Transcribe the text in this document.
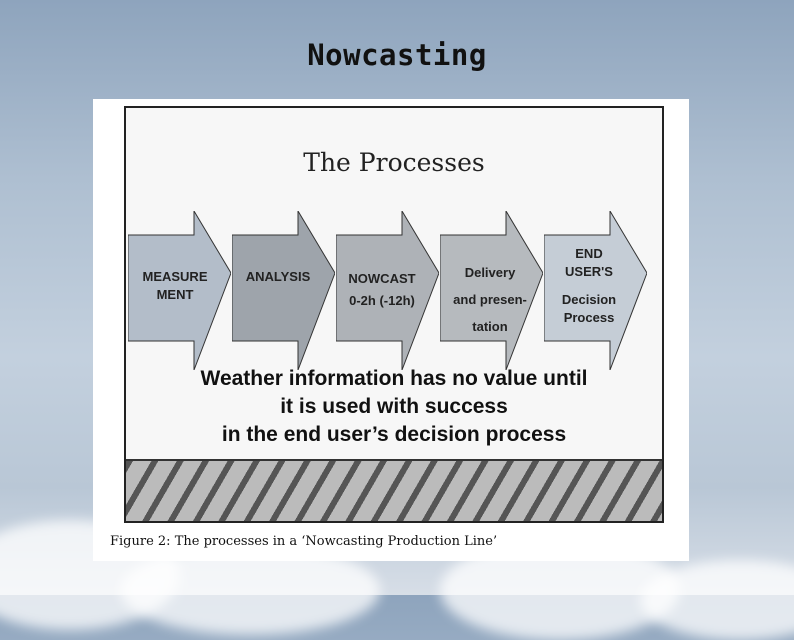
Nowcasting
The Processes
MEASURE
MENT
ANALYSIS	NOWCAST
0-2h (-12h)
Delivery
and presen-
tation
END
USER'S
Decision
Process
Weather information has no value until
it is used with success
in the end user’s decision process
Figure 2: The processes in a ‘Nowcasting Production Line’
